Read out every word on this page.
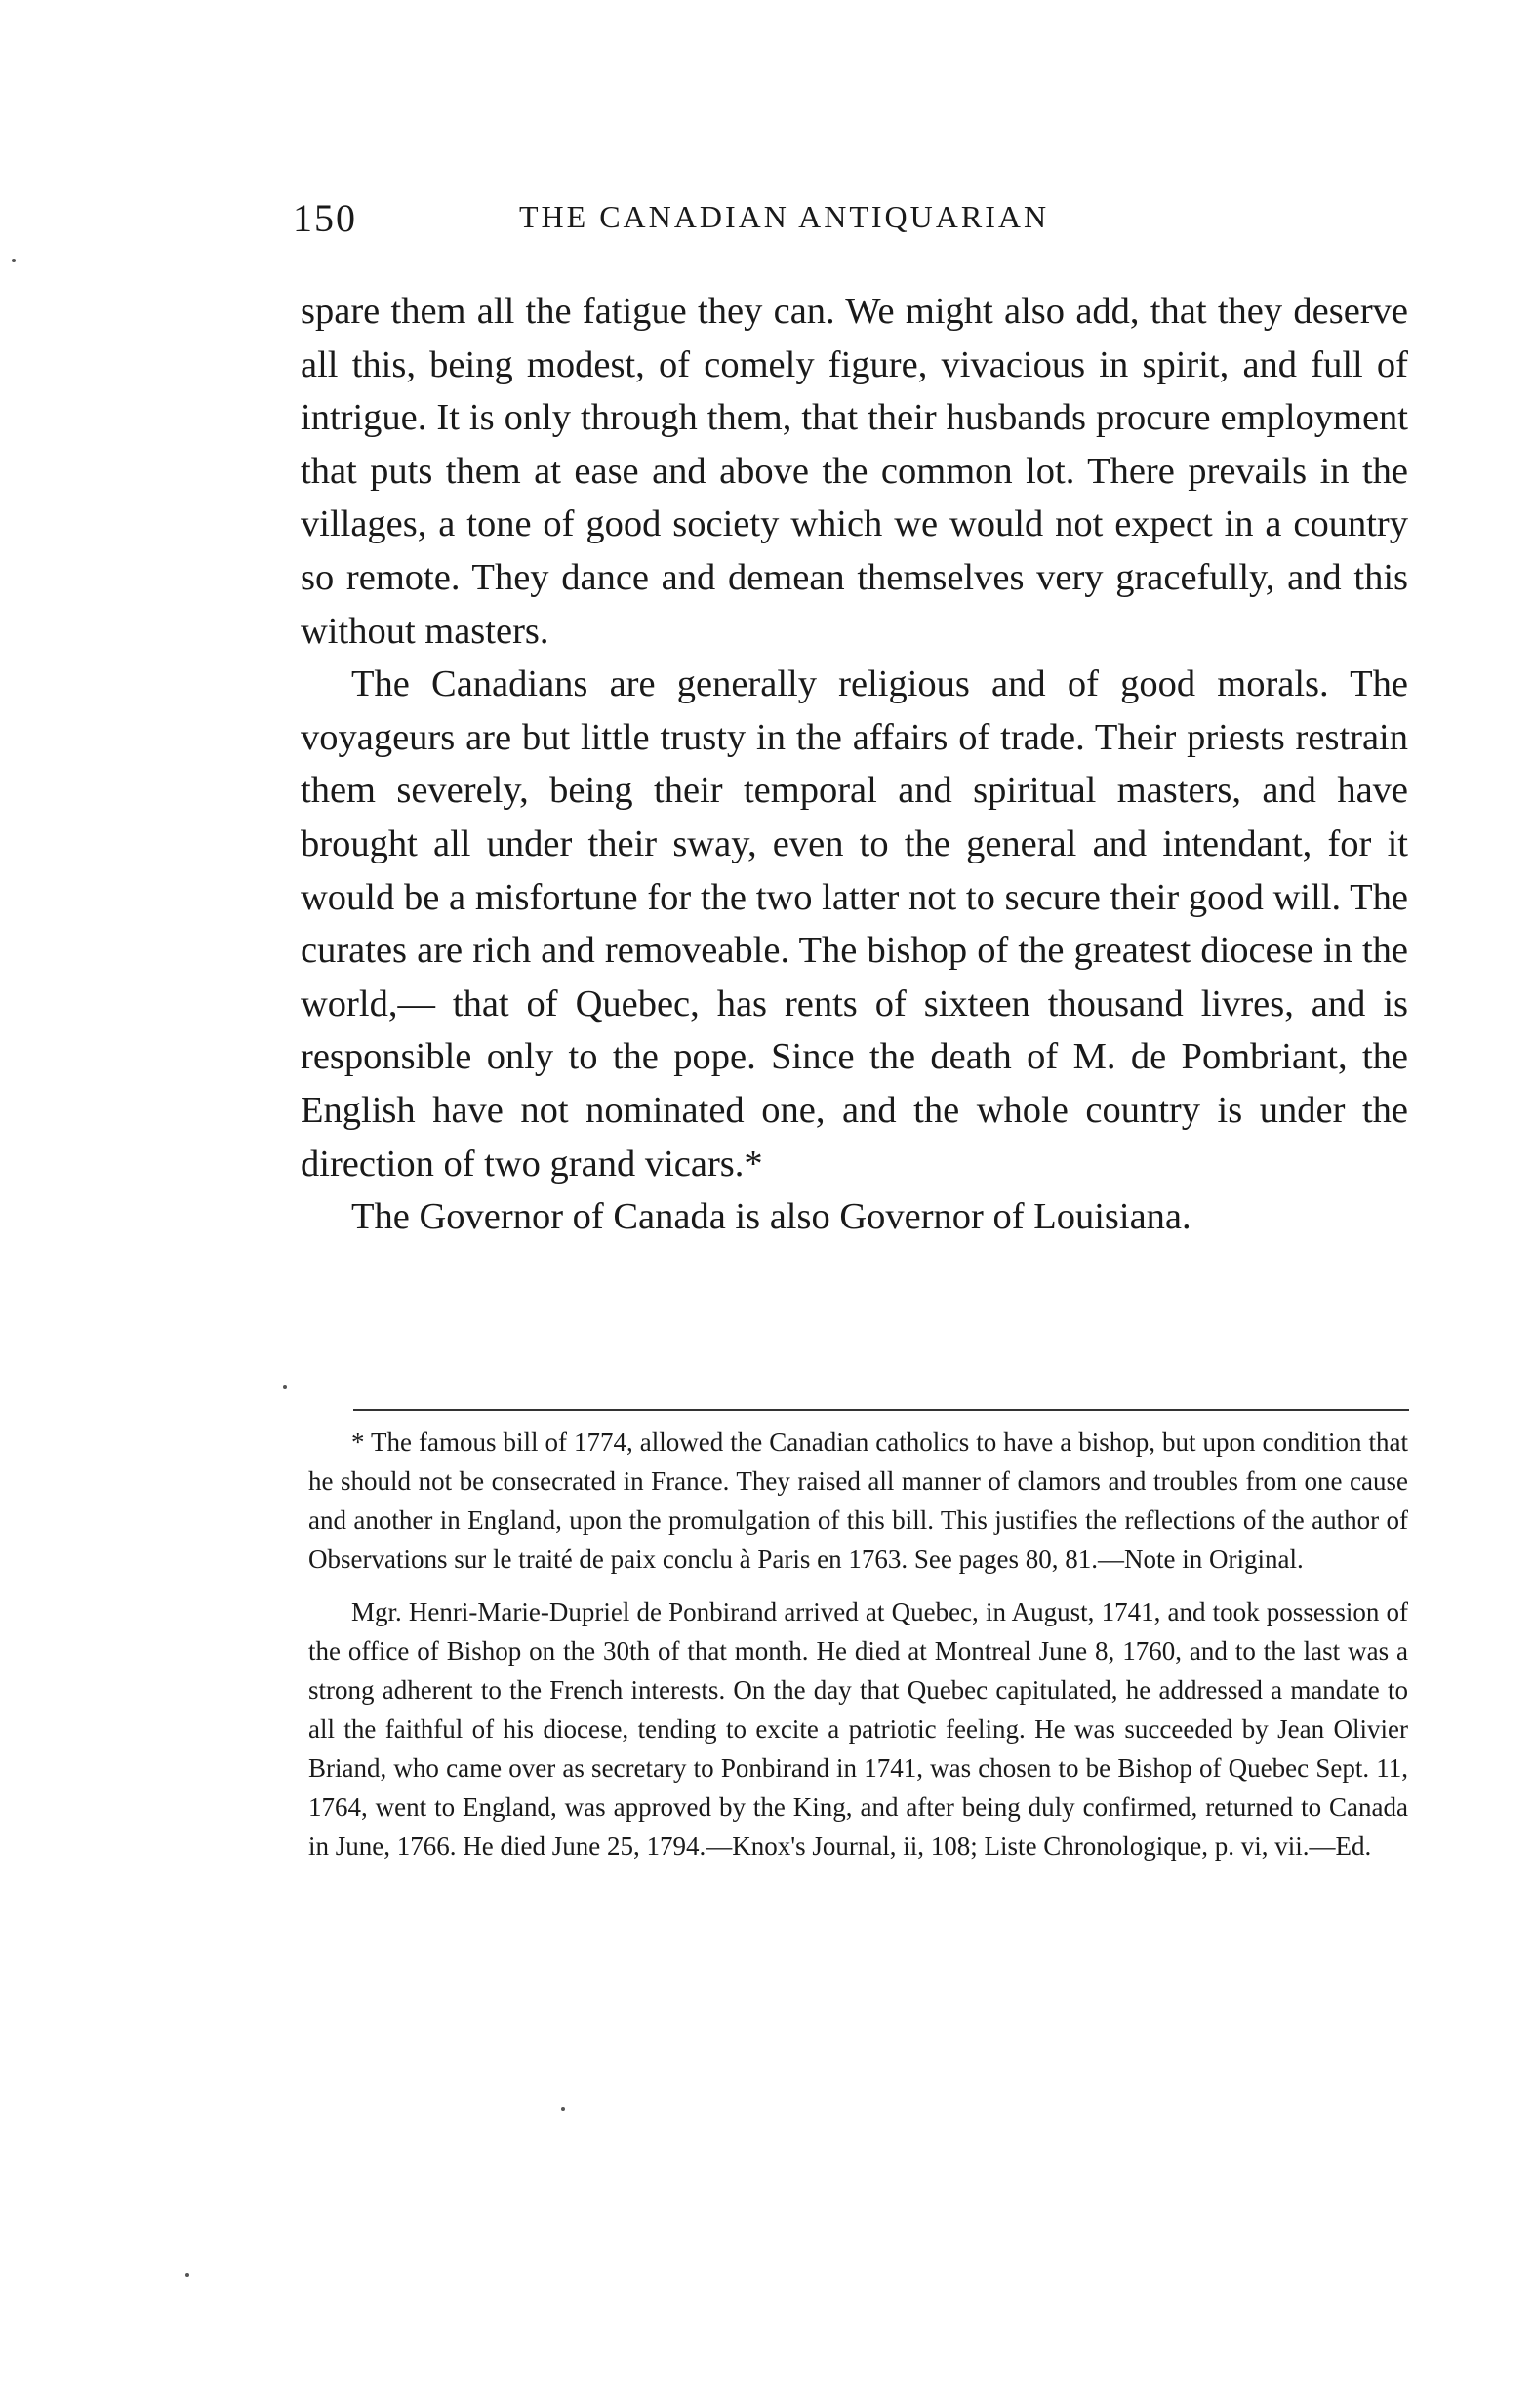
150	THE CANADIAN ANTIQUARIAN

spare them all the fatigue they can. We might also add, that they deserve all this, being modest, of comely figure, vivacious in spirit, and full of intrigue. It is only through them, that their husbands procure employment that puts them at ease and above the common lot. There prevails in the villages, a tone of good society which we would not expect in a country so remote. They dance and demean themselves very gracefully, and this without masters.

The Canadians are generally religious and of good morals. The voyageurs are but little trusty in the affairs of trade. Their priests restrain them severely, being their temporal and spiritual masters, and have brought all under their sway, even to the general and intendant, for it would be a misfortune for the two latter not to secure their good will. The curates are rich and removeable. The bishop of the greatest diocese in the world,— that of Quebec, has rents of sixteen thousand livres, and is responsible only to the pope. Since the death of M. de Pombriant, the English have not nominated one, and the whole country is under the direction of two grand vicars.*

The Governor of Canada is also Governor of Louisiana.

* The famous bill of 1774, allowed the Canadian catholics to have a bishop, but upon condition that he should not be consecrated in France. They raised all manner of clamors and troubles from one cause and another in England, upon the promulgation of this bill. This justifies the reflections of the author of Observations sur le traité de paix conclu à Paris en 1763. See pages 80, 81.—Note in Original.

Mgr. Henri-Marie-Dupriel de Ponbirand arrived at Quebec, in August, 1741, and took possession of the office of Bishop on the 30th of that month. He died at Montreal June 8, 1760, and to the last was a strong adherent to the French interests. On the day that Quebec capitulated, he addressed a mandate to all the faithful of his diocese, tending to excite a patriotic feeling. He was succeeded by Jean Olivier Briand, who came over as secretary to Ponbirand in 1741, was chosen to be Bishop of Quebec Sept. 11, 1764, went to England, was approved by the King, and after being duly confirmed, returned to Canada in June, 1766. He died June 25, 1794.—Knox's Journal, ii, 108; Liste Chronologique, p. vi, vii.—Ed.
